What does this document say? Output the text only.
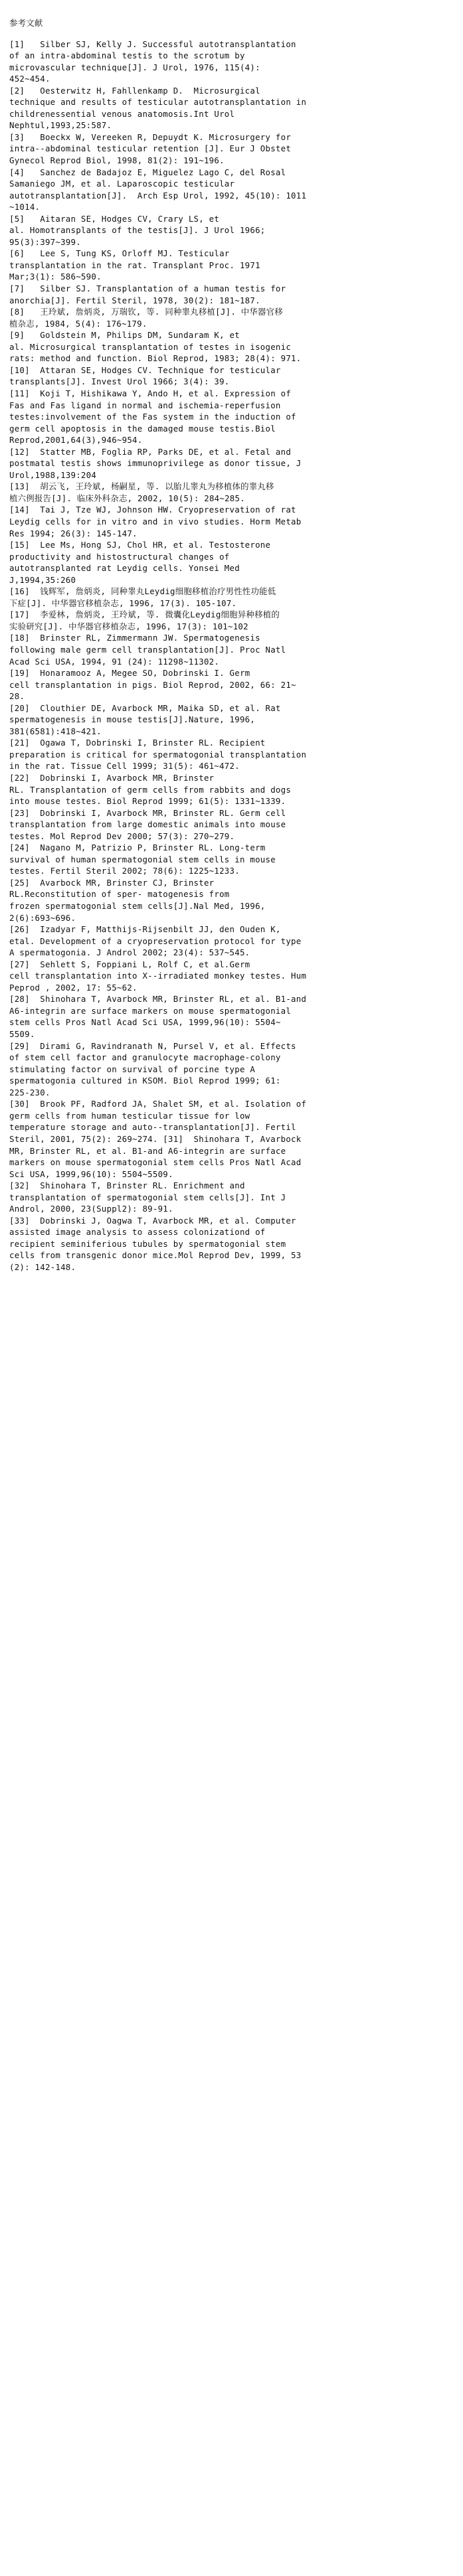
参考文献
[1]   Silber SJ, Kelly J. Successful autotransplantation
of an intra-abdominal testis to the scrotum by
microvascular technique[J]. J Urol, 1976, 115(4):
452~454.
[2]   Oesterwitz H, Fahllenkamp D.  Microsurgical
technique and results of testicular autotransplantation in
childrenessential venous anatomosis.Int Urol
Nephtul,1993,25:587.
[3]   Boeckx W, Vereeken R, Depuydt K. Microsurgery for
intra--abdominal testicular retention [J]. Eur J Obstet
Gynecol Reprod Biol, 1998, 81(2): 191~196.
[4]   Sanchez de Badajoz E, Miguelez Lago C, del Rosal
Samaniego JM, et al. Laparoscopic testicular
autotransplantation[J].  Arch Esp Urol, 1992, 45(10): 1011
~1014.
[5]   Aitaran SE, Hodges CV, Crary LS, et
al. Homotransplants of the testis[J]. J Urol 1966;
95(3):397~399.
[6]   Lee S, Tung KS, Orloff MJ. Testicular
transplantation in the rat. Transplant Proc. 1971
Mar;3(1): 586~590.
[7]   Silber SJ. Transplantation of a human testis for
anorchia[J]. Fertil Steril, 1978, 30(2): 181~187.
[8]   王玲斌, 詹炳炎, 万瑞钦, 等. 同种睾丸移植[J]. 中华器官移
植杂志, 1984, 5(4): 176~179.
[9]   Goldstein M, Philips DM, Sundaram K, et
al. Microsurgical transplantation of testes in isogenic
rats: method and function. Biol Reprod, 1983; 28(4): 971.
[10]  Attaran SE, Hodges CV. Technique for testicular
transplants[J]. Invest Urol 1966; 3(4): 39.
[11]  Koji T, Hishikawa Y, Ando H, et al. Expression of
Fas and Fas ligand in normal and ischemia-reperfusion
testes:involvement of the Fas system in the induction of
germ cell apoptosis in the damaged mouse testis.Biol
Reprod,2001,64(3),946~954.
[12]  Statter MB, Foglia RP, Parks DE, et al. Fetal and
postmatal testis shows immunoprivilege as donor tissue, J
Urol,1988,139:204
[13]  胡云飞, 王玲斌, 杨嗣星, 等. 以胎儿睾丸为移植体的睾丸移
植六例报告[J]. 临床外科杂志, 2002, 10(5): 284~285.
[14]  Tai J, Tze WJ, Johnson HW. Cryopreservation of rat
Leydig cells for in vitro and in vivo studies. Horm Metab
Res 1994; 26(3): 145-147.
[15]  Lee Ms, Hong SJ, Chol HR, et al. Testosterone
productivity and histostructural changes of
autotransplanted rat Leydig cells. Yonsei Med
J,1994,35:260
[16]  钱辉军, 詹炳炎, 同种睾丸Leydig细胞移植治疗男性性功能低
下症[J]. 中华器官移植杂志, 1996, 17(3). 105-107.
[17]  李爱林, 詹炳炎, 王玲斌, 等. 微囊化Leydig细胞异种移植的
实验研究[J]. 中华器官移植杂志, 1996, 17(3): 101~102
[18]  Brinster RL, Zimmermann JW. Spermatogenesis
following male germ cell transplantation[J]. Proc Natl
Acad Sci USA, 1994, 91 (24): 11298~11302.
[19]  Honaramooz A, Megee SO, Dobrinski I. Germ
cell transplantation in pigs. Biol Reprod, 2002, 66: 21~
28.
[20]  Clouthier DE, Avarbock MR, Maika SD, et al. Rat
spermatogenesis in mouse testis[J].Nature, 1996,
381(6581):418~421.
[21]  Ogawa T, Dobrinski I, Brinster RL. Recipient
preparation is critical for spermatogonial transplantation
in the rat. Tissue Cell 1999; 31(5): 461~472.
[22]  Dobrinski I, Avarbock MR, Brinster
RL. Transplantation of germ cells from rabbits and dogs
into mouse testes. Biol Reprod 1999; 61(5): 1331~1339.
[23]  Dobrinski I, Avarbock MR, Brinster RL. Germ cell
transplantation from large domestic animals into mouse
testes. Mol Reprod Dev 2000; 57(3): 270~279.
[24]  Nagano M, Patrizio P, Brinster RL. Long-term
survival of human spermatogonial stem cells in mouse
testes. Fertil Steril 2002; 78(6): 1225~1233.
[25]  Avarbock MR, Brinster CJ, Brinster
RL.Reconstitution of sper- matogenesis from
frozen spermatogonial stem cells[J].Nal Med, 1996,
2(6):693~696.
[26]  Izadyar F, Matthijs-Rijsenbilt JJ, den Ouden K,
etal. Development of a cryopreservation protocol for type
A spermatogonia. J Androl 2002; 23(4): 537~545.
[27]  Sehlett S, Foppiani L, Rolf C, et al.Germ
cell transplantation into X--irradiated monkey testes. Hum
Peprod , 2002, 17: 55~62.
[28]  Shinohara T, Avarbock MR, Brinster RL, et al. B1-and
A6-integrin are surface markers on mouse spermatogonial
stem cells Pros Natl Acad Sci USA, 1999,96(10): 5504~
5509.
[29]  Dirami G, Ravindranath N, Pursel V, et al. Effects
of stem cell factor and granulocyte macrophage-colony
stimulating factor on survival of porcine type A
spermatogonia cultured in KSOM. Biol Reprod 1999; 61:
225-230.
[30]  Brook PF, Radford JA, Shalet SM, et al. Isolation of
germ cells from human testicular tissue for low
temperature storage and auto--transplantation[J]. Fertil
Steril, 2001, 75(2): 269~274. [31]  Shinohara T, Avarbock
MR, Brinster RL, et al. B1-and A6-integrin are surface
markers on mouse spermatogonial stem cells Pros Natl Acad
Sci USA, 1999,96(10): 5504~5509.
[32]  Shinohara T, Brinster RL. Enrichment and
transplantation of spermatogonial stem cells[J]. Int J
Androl, 2000, 23(Suppl2): 89-91.
[33]  Dobrinski J, Oagwa T, Avarbock MR, et al. Computer
assisted image analysis to assess colonizationd of
recipient seminiferious tubules by spermatogonial stem
cells from transgenic donor mice.Mol Reprod Dev, 1999, 53
(2): 142-148.
